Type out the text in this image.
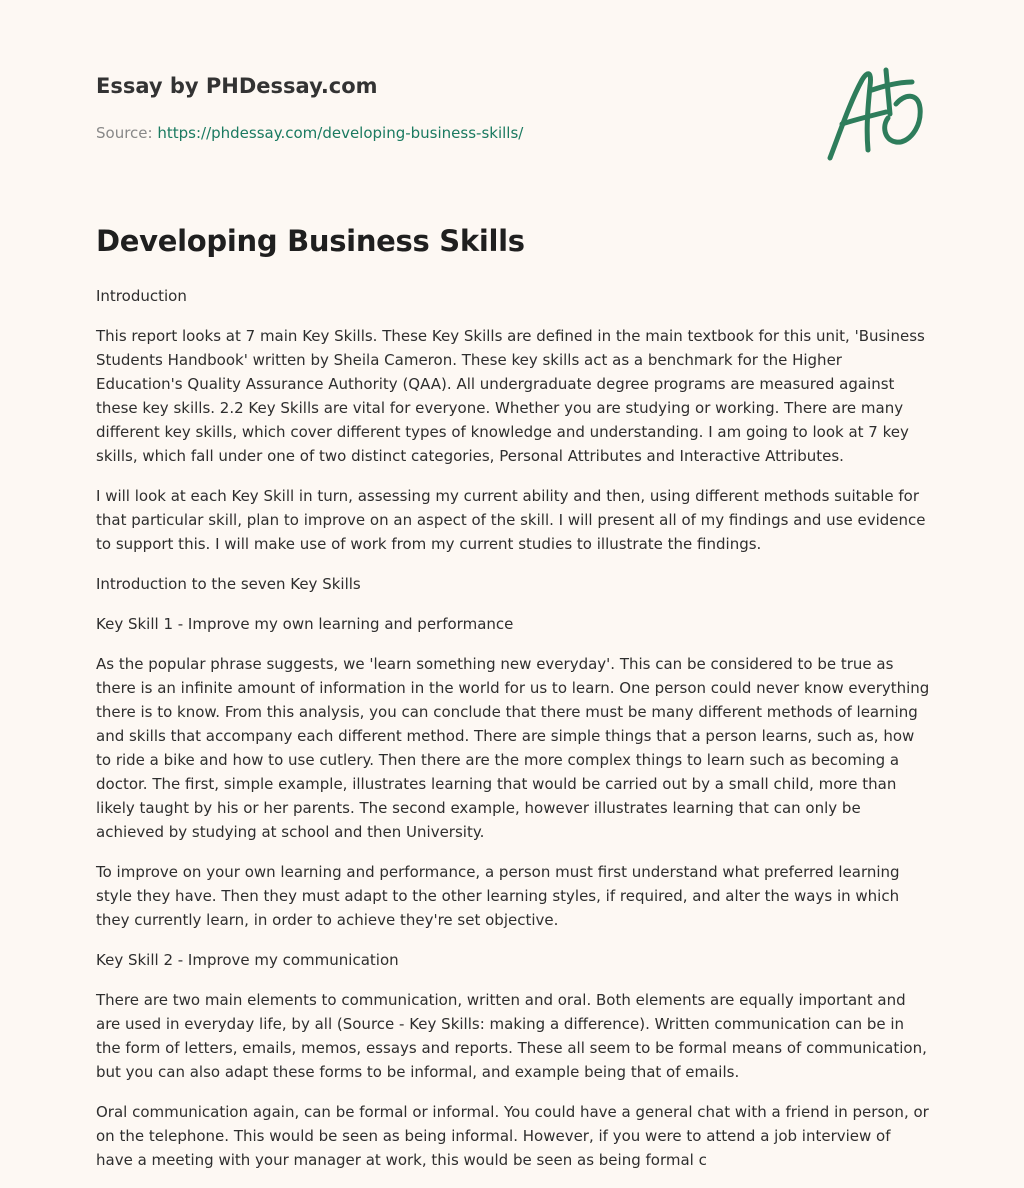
Essay by PHDessay.com
Source: https://phdessay.com/developing-business-skills/
Developing Business Skills

Introduction

This report looks at 7 main Key Skills. These Key Skills are defined in the main textbook for this unit, 'Business Students Handbook' written by Sheila Cameron. These key skills act as a benchmark for the Higher Education's Quality Assurance Authority (QAA). All undergraduate degree programs are measured against these key skills. 2.2 Key Skills are vital for everyone. Whether you are studying or working. There are many different key skills, which cover different types of knowledge and understanding. I am going to look at 7 key skills, which fall under one of two distinct categories, Personal Attributes and Interactive Attributes.

I will look at each Key Skill in turn, assessing my current ability and then, using different methods suitable for that particular skill, plan to improve on an aspect of the skill. I will present all of my findings and use evidence to support this. I will make use of work from my current studies to illustrate the findings.

Introduction to the seven Key Skills

Key Skill 1 - Improve my own learning and performance

As the popular phrase suggests, we 'learn something new everyday'. This can be considered to be true as there is an infinite amount of information in the world for us to learn. One person could never know everything there is to know. From this analysis, you can conclude that there must be many different methods of learning and skills that accompany each different method. There are simple things that a person learns, such as, how to ride a bike and how to use cutlery. Then there are the more complex things to learn such as becoming a doctor. The first, simple example, illustrates learning that would be carried out by a small child, more than likely taught by his or her parents. The second example, however illustrates learning that can only be achieved by studying at school and then University.

To improve on your own learning and performance, a person must first understand what preferred learning style they have. Then they must adapt to the other learning styles, if required, and alter the ways in which they currently learn, in order to achieve they're set objective.

Key Skill 2 - Improve my communication

There are two main elements to communication, written and oral. Both elements are equally important and are used in everyday life, by all (Source - Key Skills: making a difference). Written communication can be in the form of letters, emails, memos, essays and reports. These all seem to be formal means of communication, but you can also adapt these forms to be informal, and example being that of emails.

Oral communication again, can be formal or informal. You could have a general chat with a friend in person, or on the telephone. This would be seen as being informal. However, if you were to attend a job interview of have a meeting with your manager at work, this would be seen as being formal c
